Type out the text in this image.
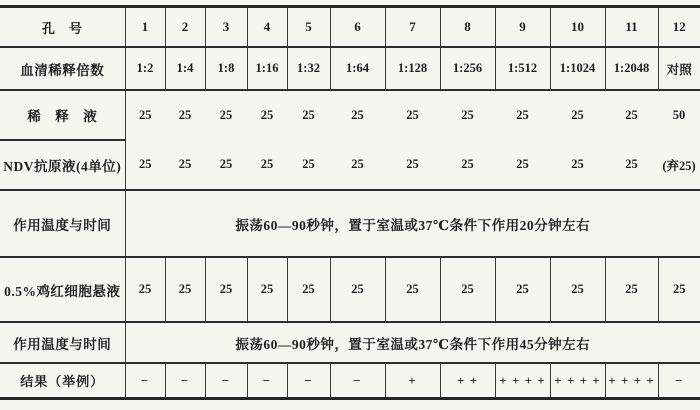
孔　号	1	2	3	4	5	6	7	8	9	10	11	12
血清稀释倍数	1:2	1:4	1:8	1:16	1:32	1:64	1:128	1:256	1:512	1:1024	1:2048	对照
稀　释　液	25	25	25	25	25	25	25	25	25	25	25	50
NDV抗原液(4单位)	25	25	25	25	25	25	25	25	25	25	25	(弃25)
作用温度与时间	振荡60—90秒钟，置于室温或37℃条件下作用20分钟左右											
0.5%鸡红细胞悬液	25	25	25	25	25	25	25	25	25	25	25	25
作用温度与时间	振荡60—90秒钟，置于室温或37℃条件下作用45分钟左右											
结果（举例）	−	−	−	−	−	−	+	+ +	+ + + +	+ + + +	+ + + +	−
